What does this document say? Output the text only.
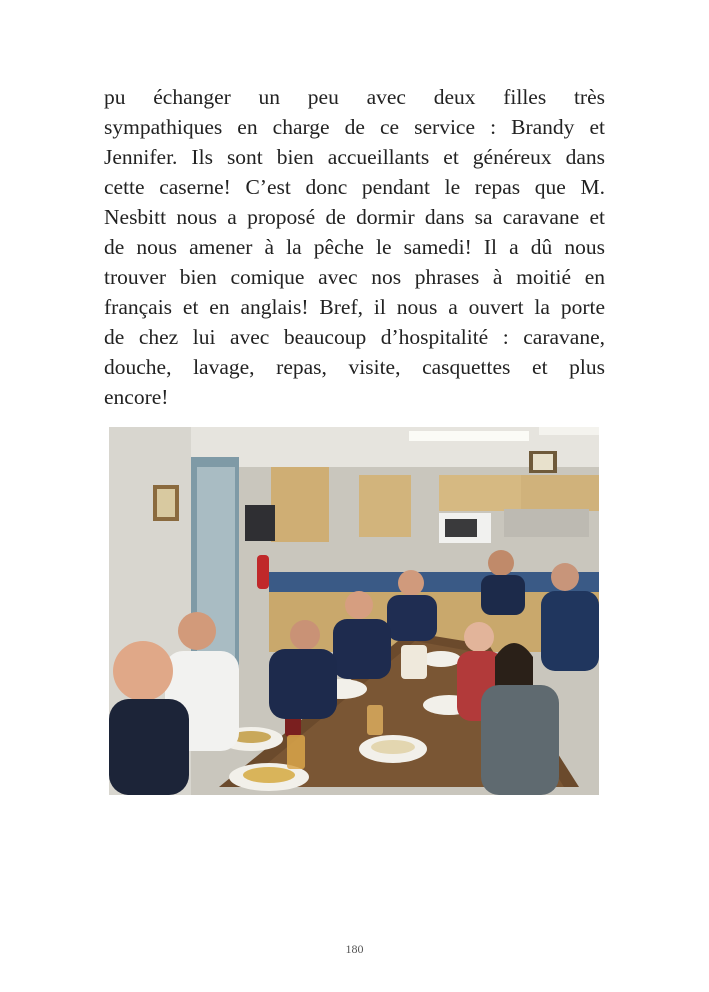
pu échanger un peu avec deux filles très
sympathiques en charge de ce service : Brandy et
Jennifer. Ils sont bien accueillants et généreux dans
cette caserne! C’est donc pendant le repas que M.
Nesbitt nous a proposé de dormir dans sa caravane et
de nous amener à la pêche le samedi! Il a dû nous
trouver bien comique avec nos phrases à moitié en
français et en anglais! Bref, il nous a ouvert la porte
de chez lui avec beaucoup d’hospitalité : caravane,
douche, lavage, repas, visite, casquettes et plus
encore!

180
